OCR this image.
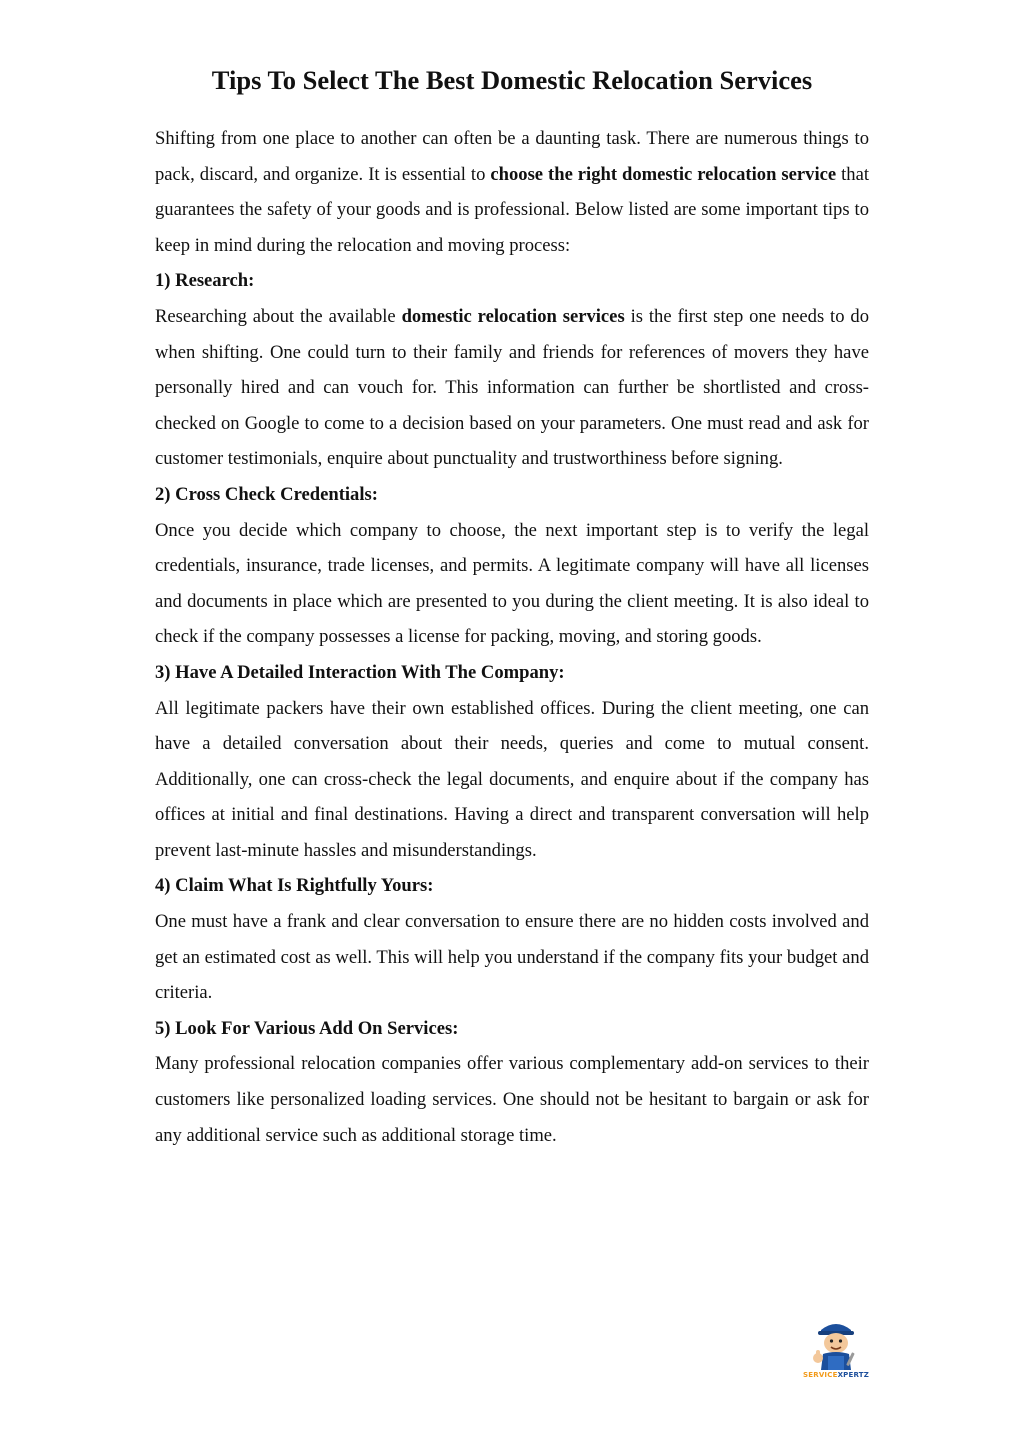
Tips To Select The Best Domestic Relocation Services

Shifting from one place to another can often be a daunting task. There are numerous things to pack, discard, and organize. It is essential to choose the right domestic relocation service that guarantees the safety of your goods and is professional. Below listed are some important tips to keep in mind during the relocation and moving process:

1) Research:

Researching about the available domestic relocation services is the first step one needs to do when shifting. One could turn to their family and friends for references of movers they have personally hired and can vouch for. This information can further be shortlisted and cross-checked on Google to come to a decision based on your parameters. One must read and ask for customer testimonials, enquire about punctuality and trustworthiness before signing.

2) Cross Check Credentials:

Once you decide which company to choose, the next important step is to verify the legal credentials, insurance, trade licenses, and permits. A legitimate company will have all licenses and documents in place which are presented to you during the client meeting. It is also ideal to check if the company possesses a license for packing, moving, and storing goods.

3) Have A Detailed Interaction With The Company:

All legitimate packers have their own established offices. During the client meeting, one can have a detailed conversation about their needs, queries and come to mutual consent. Additionally, one can cross-check the legal documents, and enquire about if the company has offices at initial and final destinations. Having a direct and transparent conversation will help prevent last-minute hassles and misunderstandings.

4) Claim What Is Rightfully Yours:

One must have a frank and clear conversation to ensure there are no hidden costs involved and get an estimated cost as well. This will help you understand if the company fits your budget and criteria.

5) Look For Various Add On Services:

Many professional relocation companies offer various complementary add-on services to their customers like personalized loading services. One should not be hesitant to bargain or ask for any additional service such as additional storage time.

SERVICEXPERTZ
